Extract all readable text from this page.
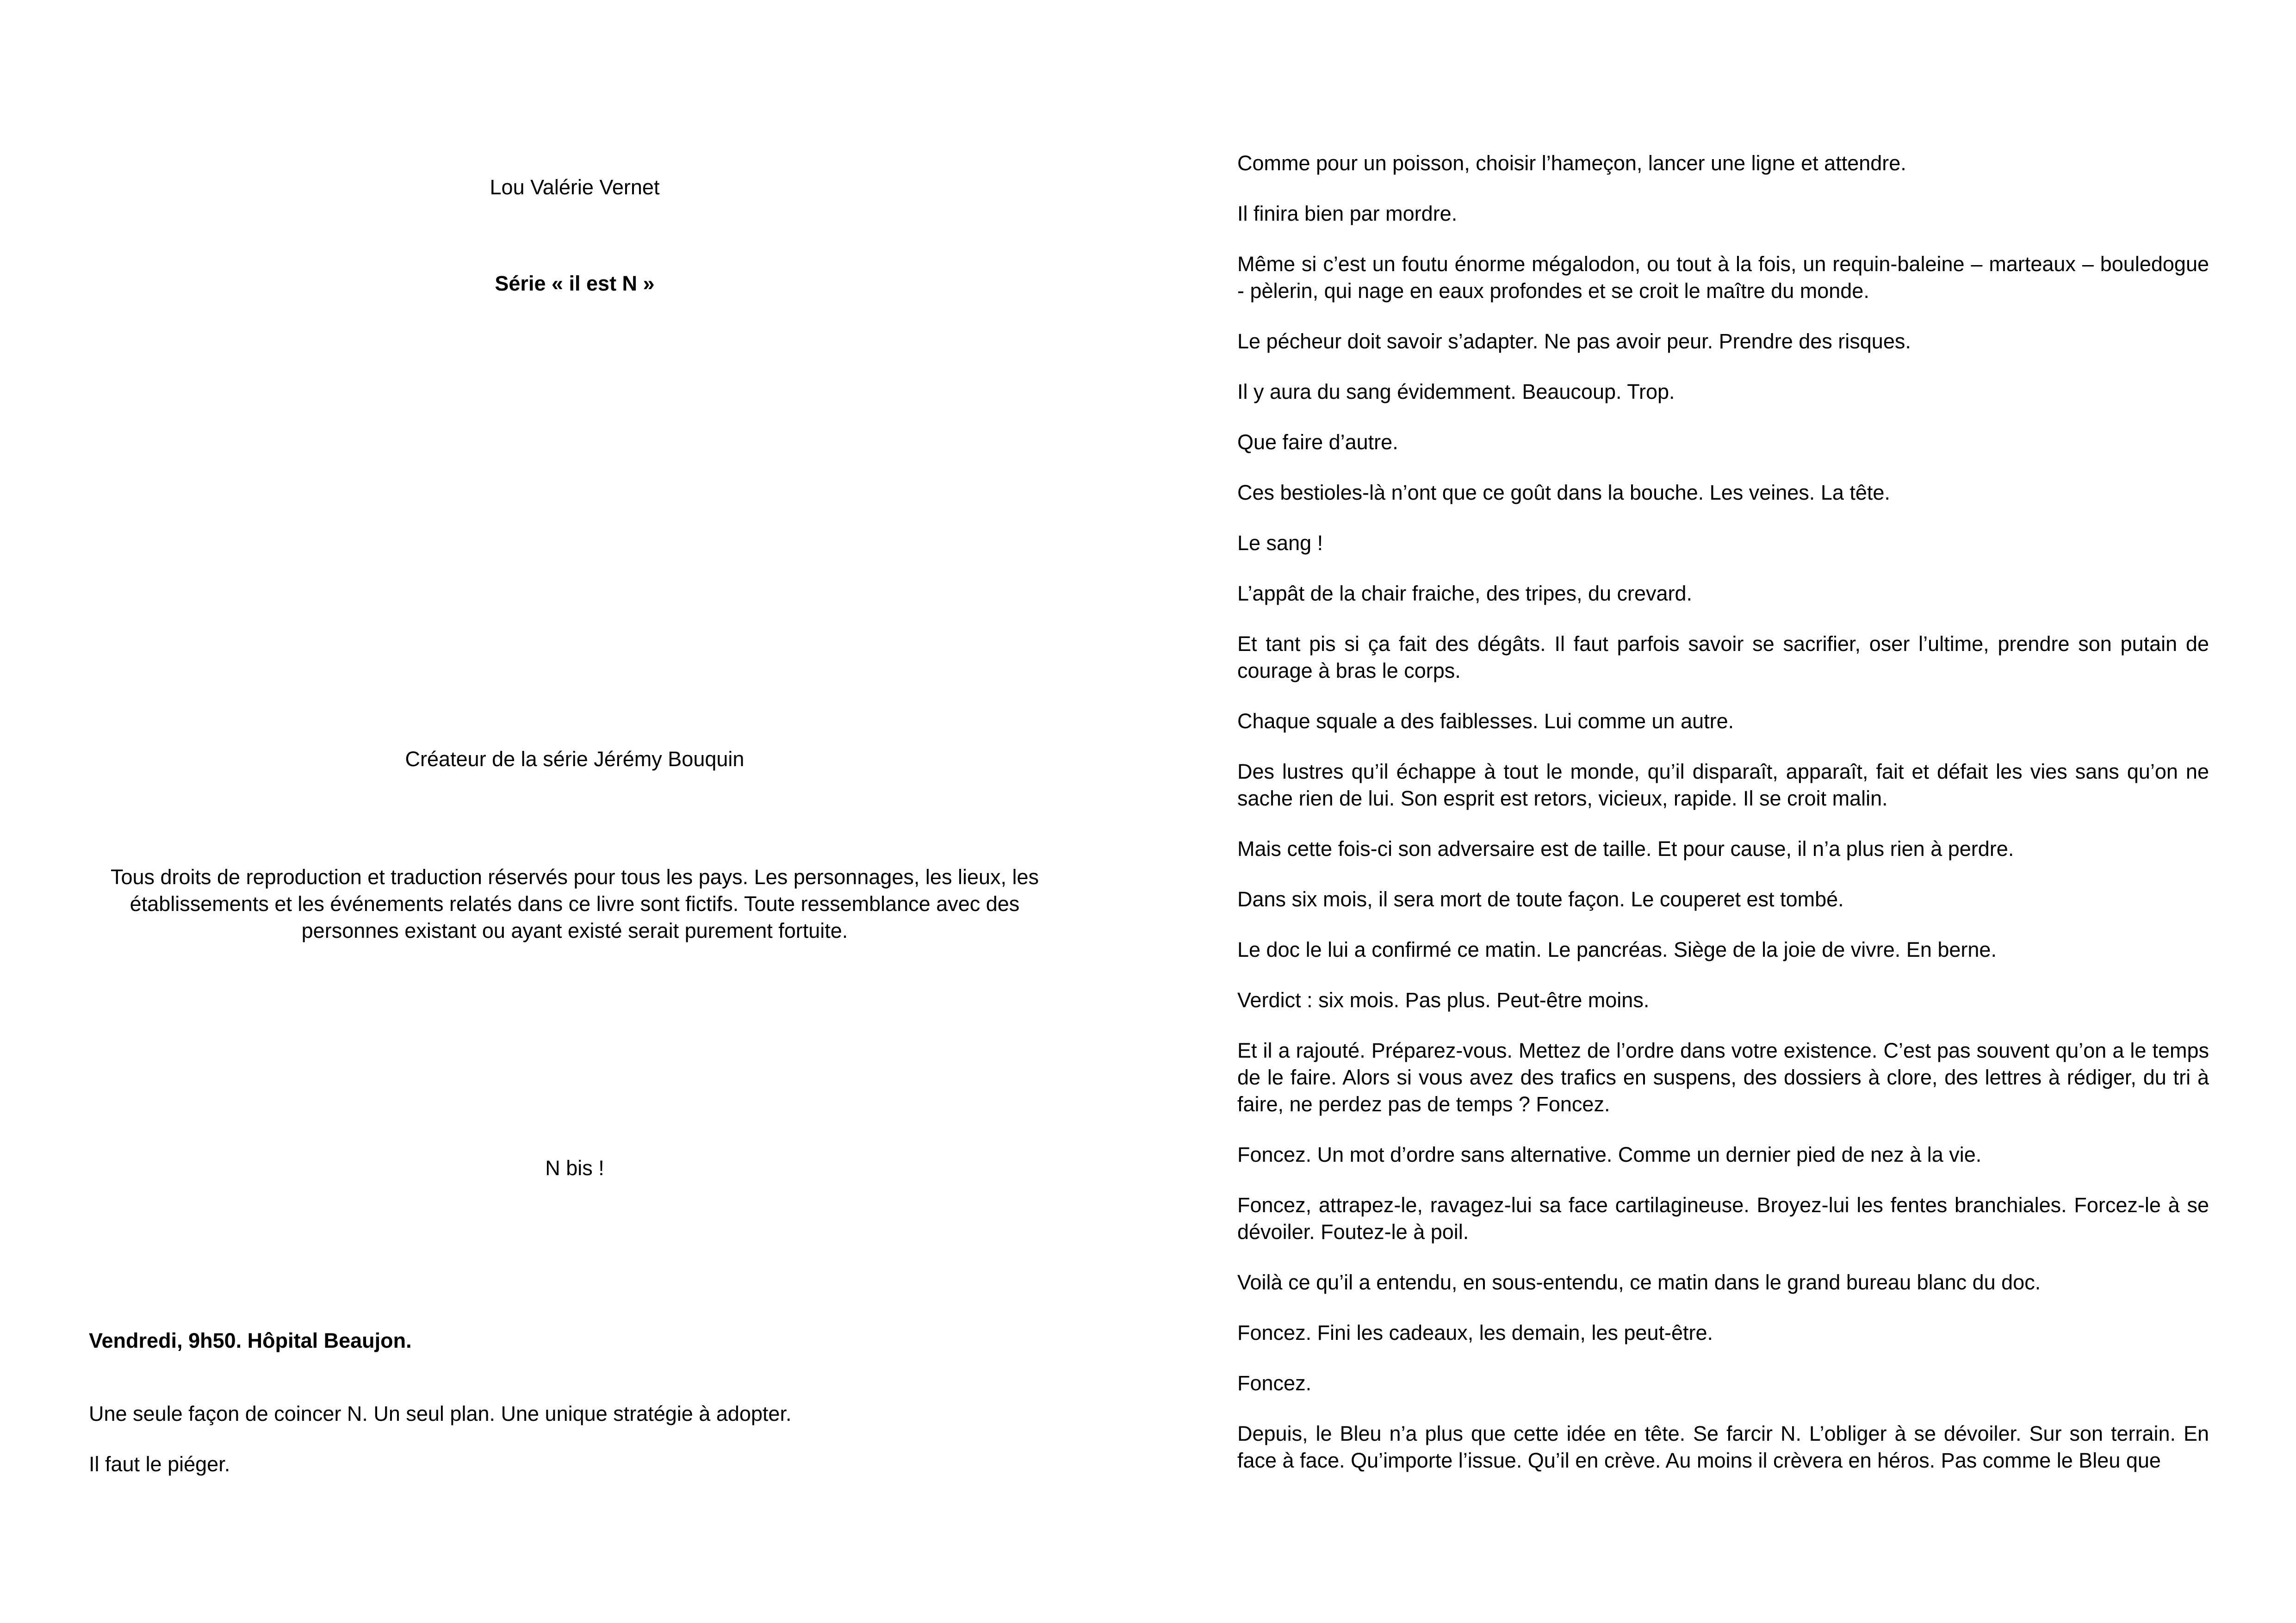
Lou Valérie Vernet

Série « il est N »

Créateur de la série Jérémy Bouquin

Tous droits de reproduction et traduction réservés pour tous les pays. Les personnages, les lieux, les

établissements et les événements relatés dans ce livre sont fictifs. Toute ressemblance avec des

personnes existant ou ayant existé serait purement fortuite.

N bis !

Vendredi, 9h50. Hôpital Beaujon.

Une seule façon de coincer N. Un seul plan. Une unique stratégie à adopter.

Il faut le piéger.

Comme pour un poisson, choisir l’hameçon, lancer une ligne et attendre.

Il finira bien par mordre.

Même si c’est un foutu énorme mégalodon, ou tout à la fois, un requin-baleine – marteaux – bouledogue - pèlerin, qui nage en eaux profondes et se croit le maître du monde.

Le pécheur doit savoir s’adapter. Ne pas avoir peur. Prendre des risques.

Il y aura du sang évidemment. Beaucoup. Trop.

Que faire d’autre.

Ces bestioles-là n’ont que ce goût dans la bouche. Les veines. La tête.

Le sang !

L’appât de la chair fraiche, des tripes, du crevard.

Et tant pis si ça fait des dégâts. Il faut parfois savoir se sacrifier, oser l’ultime, prendre son putain de courage à bras le corps.

Chaque squale a des faiblesses. Lui comme un autre.

Des lustres qu’il échappe à tout le monde, qu’il disparaît, apparaît, fait et défait les vies sans qu’on ne sache rien de lui. Son esprit est retors, vicieux, rapide. Il se croit malin.

Mais cette fois-ci son adversaire est de taille. Et pour cause, il n’a plus rien à perdre.

Dans six mois, il sera mort de toute façon. Le couperet est tombé.

Le doc le lui a confirmé ce matin. Le pancréas. Siège de la joie de vivre. En berne.

Verdict : six mois. Pas plus. Peut-être moins.

Et il a rajouté. Préparez-vous. Mettez de l’ordre dans votre existence. C’est pas souvent qu’on a le temps de le faire. Alors si vous avez des trafics en suspens, des dossiers à clore, des lettres à rédiger, du tri à faire, ne perdez pas de temps ? Foncez.

Foncez. Un mot d’ordre sans alternative. Comme un dernier pied de nez à la vie.

Foncez, attrapez-le, ravagez-lui sa face cartilagineuse. Broyez-lui les fentes branchiales. Forcez-le à se dévoiler. Foutez-le à poil.

Voilà ce qu’il a entendu, en sous-entendu, ce matin dans le grand bureau blanc du doc.

Foncez. Fini les cadeaux, les demain, les peut-être.

Foncez.

Depuis, le Bleu n’a plus que cette idée en tête. Se farcir N. L’obliger à se dévoiler. Sur son terrain. En face à face. Qu’importe l’issue. Qu’il en crève. Au moins il crèvera en héros. Pas comme le Bleu que
